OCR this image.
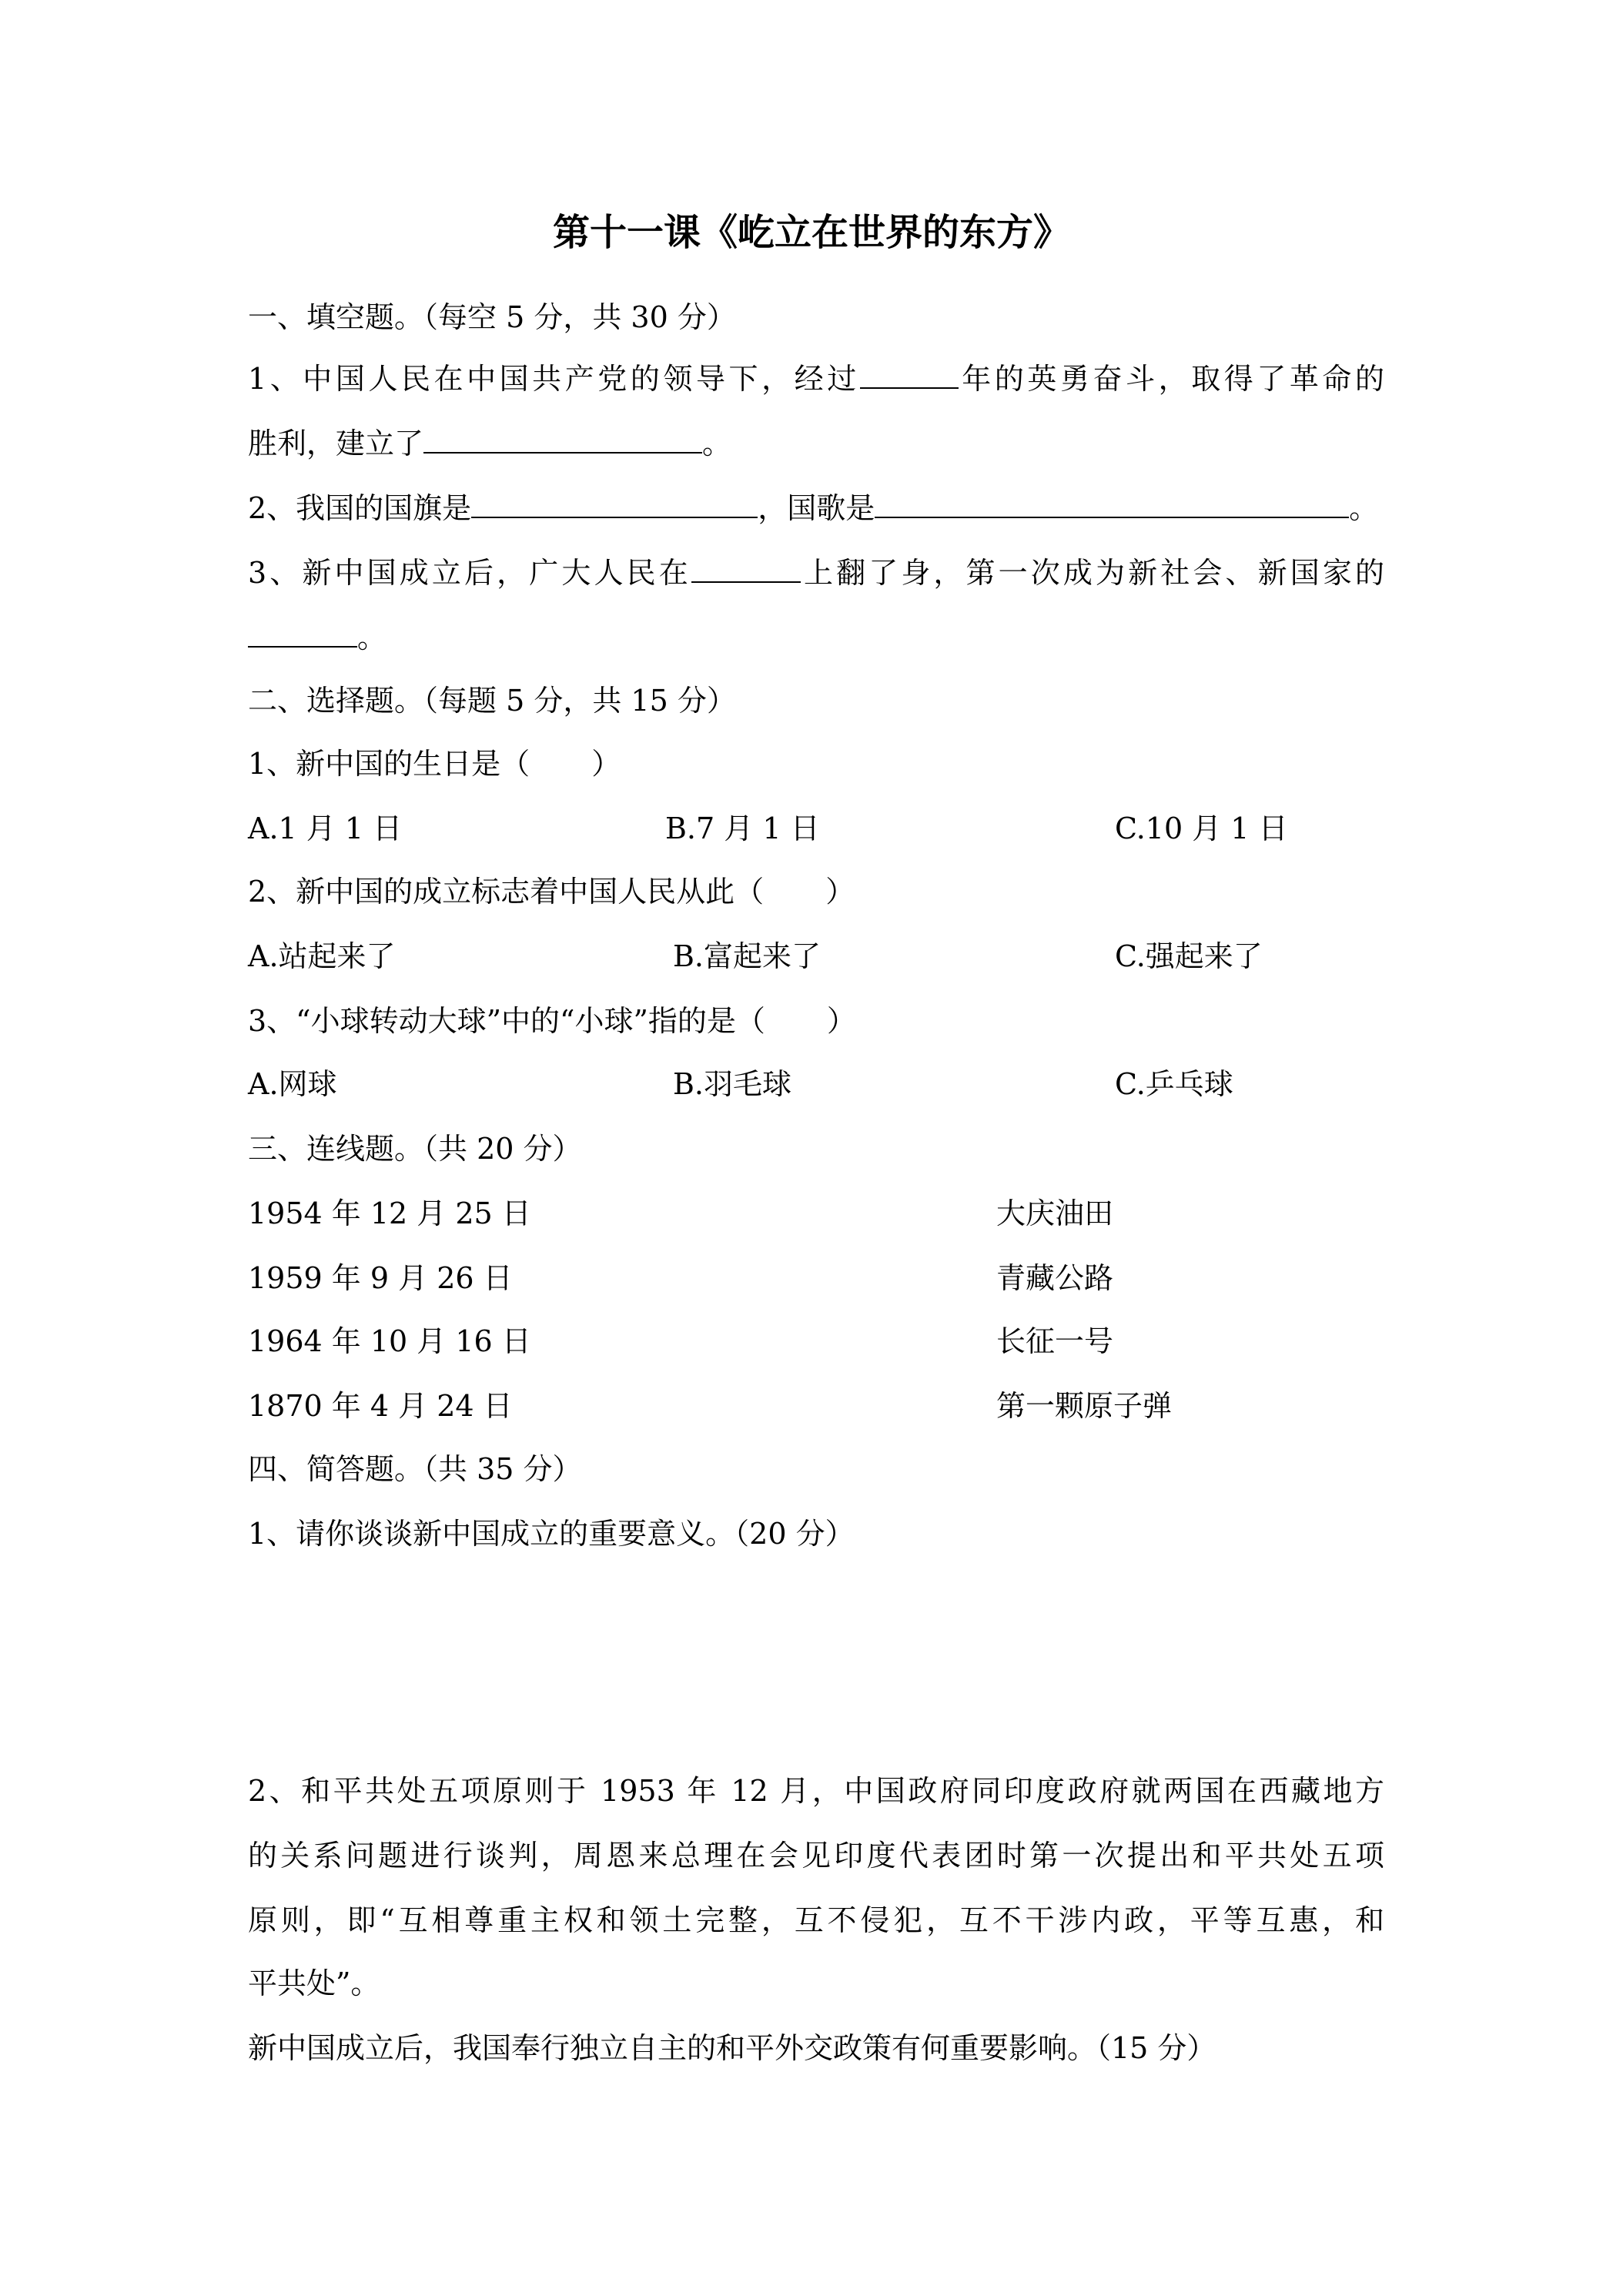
第十一课《屹立在世界的东方》
一、填空题。（每空 5 分，共 30 分）
1、中国人民在中国共产党的领导下，经过	年的英勇奋斗，取得了革命的
胜利，建立了	。
2、我国的国旗是	，国歌是	。
3、新中国成立后，广大人民在	上翻了身，第一次成为新社会、新国家的
。
二、选择题。（每题 5 分，共 15 分）
1、新中国的生日是（ ）
A.1 月 1 日	B.7 月 1 日	C.10 月 1 日
2、新中国的成立标志着中国人民从此（ ）
A.站起来了	B.富起来了	C.强起来了
3、“小球转动大球”中的“小球”指的是（ ）
A.网球	B.羽毛球	C.乒乓球
三、连线题。（共 20 分）
1954 年 12 月 25 日	大庆油田
1959 年 9 月 26 日	青藏公路
1964 年 10 月 16 日	长征一号
1870 年 4 月 24 日	第一颗原子弹
四、简答题。（共 35 分）
1、请你谈谈新中国成立的重要意义。（20 分）
2、和平共处五项原则于 1953 年 12 月，中国政府同印度政府就两国在西藏地方
的关系问题进行谈判，周恩来总理在会见印度代表团时第一次提出和平共处五项
原则，即“互相尊重主权和领土完整，互不侵犯，互不干涉内政，平等互惠，和
平共处”。
新中国成立后，我国奉行独立自主的和平外交政策有何重要影响。（15 分）
